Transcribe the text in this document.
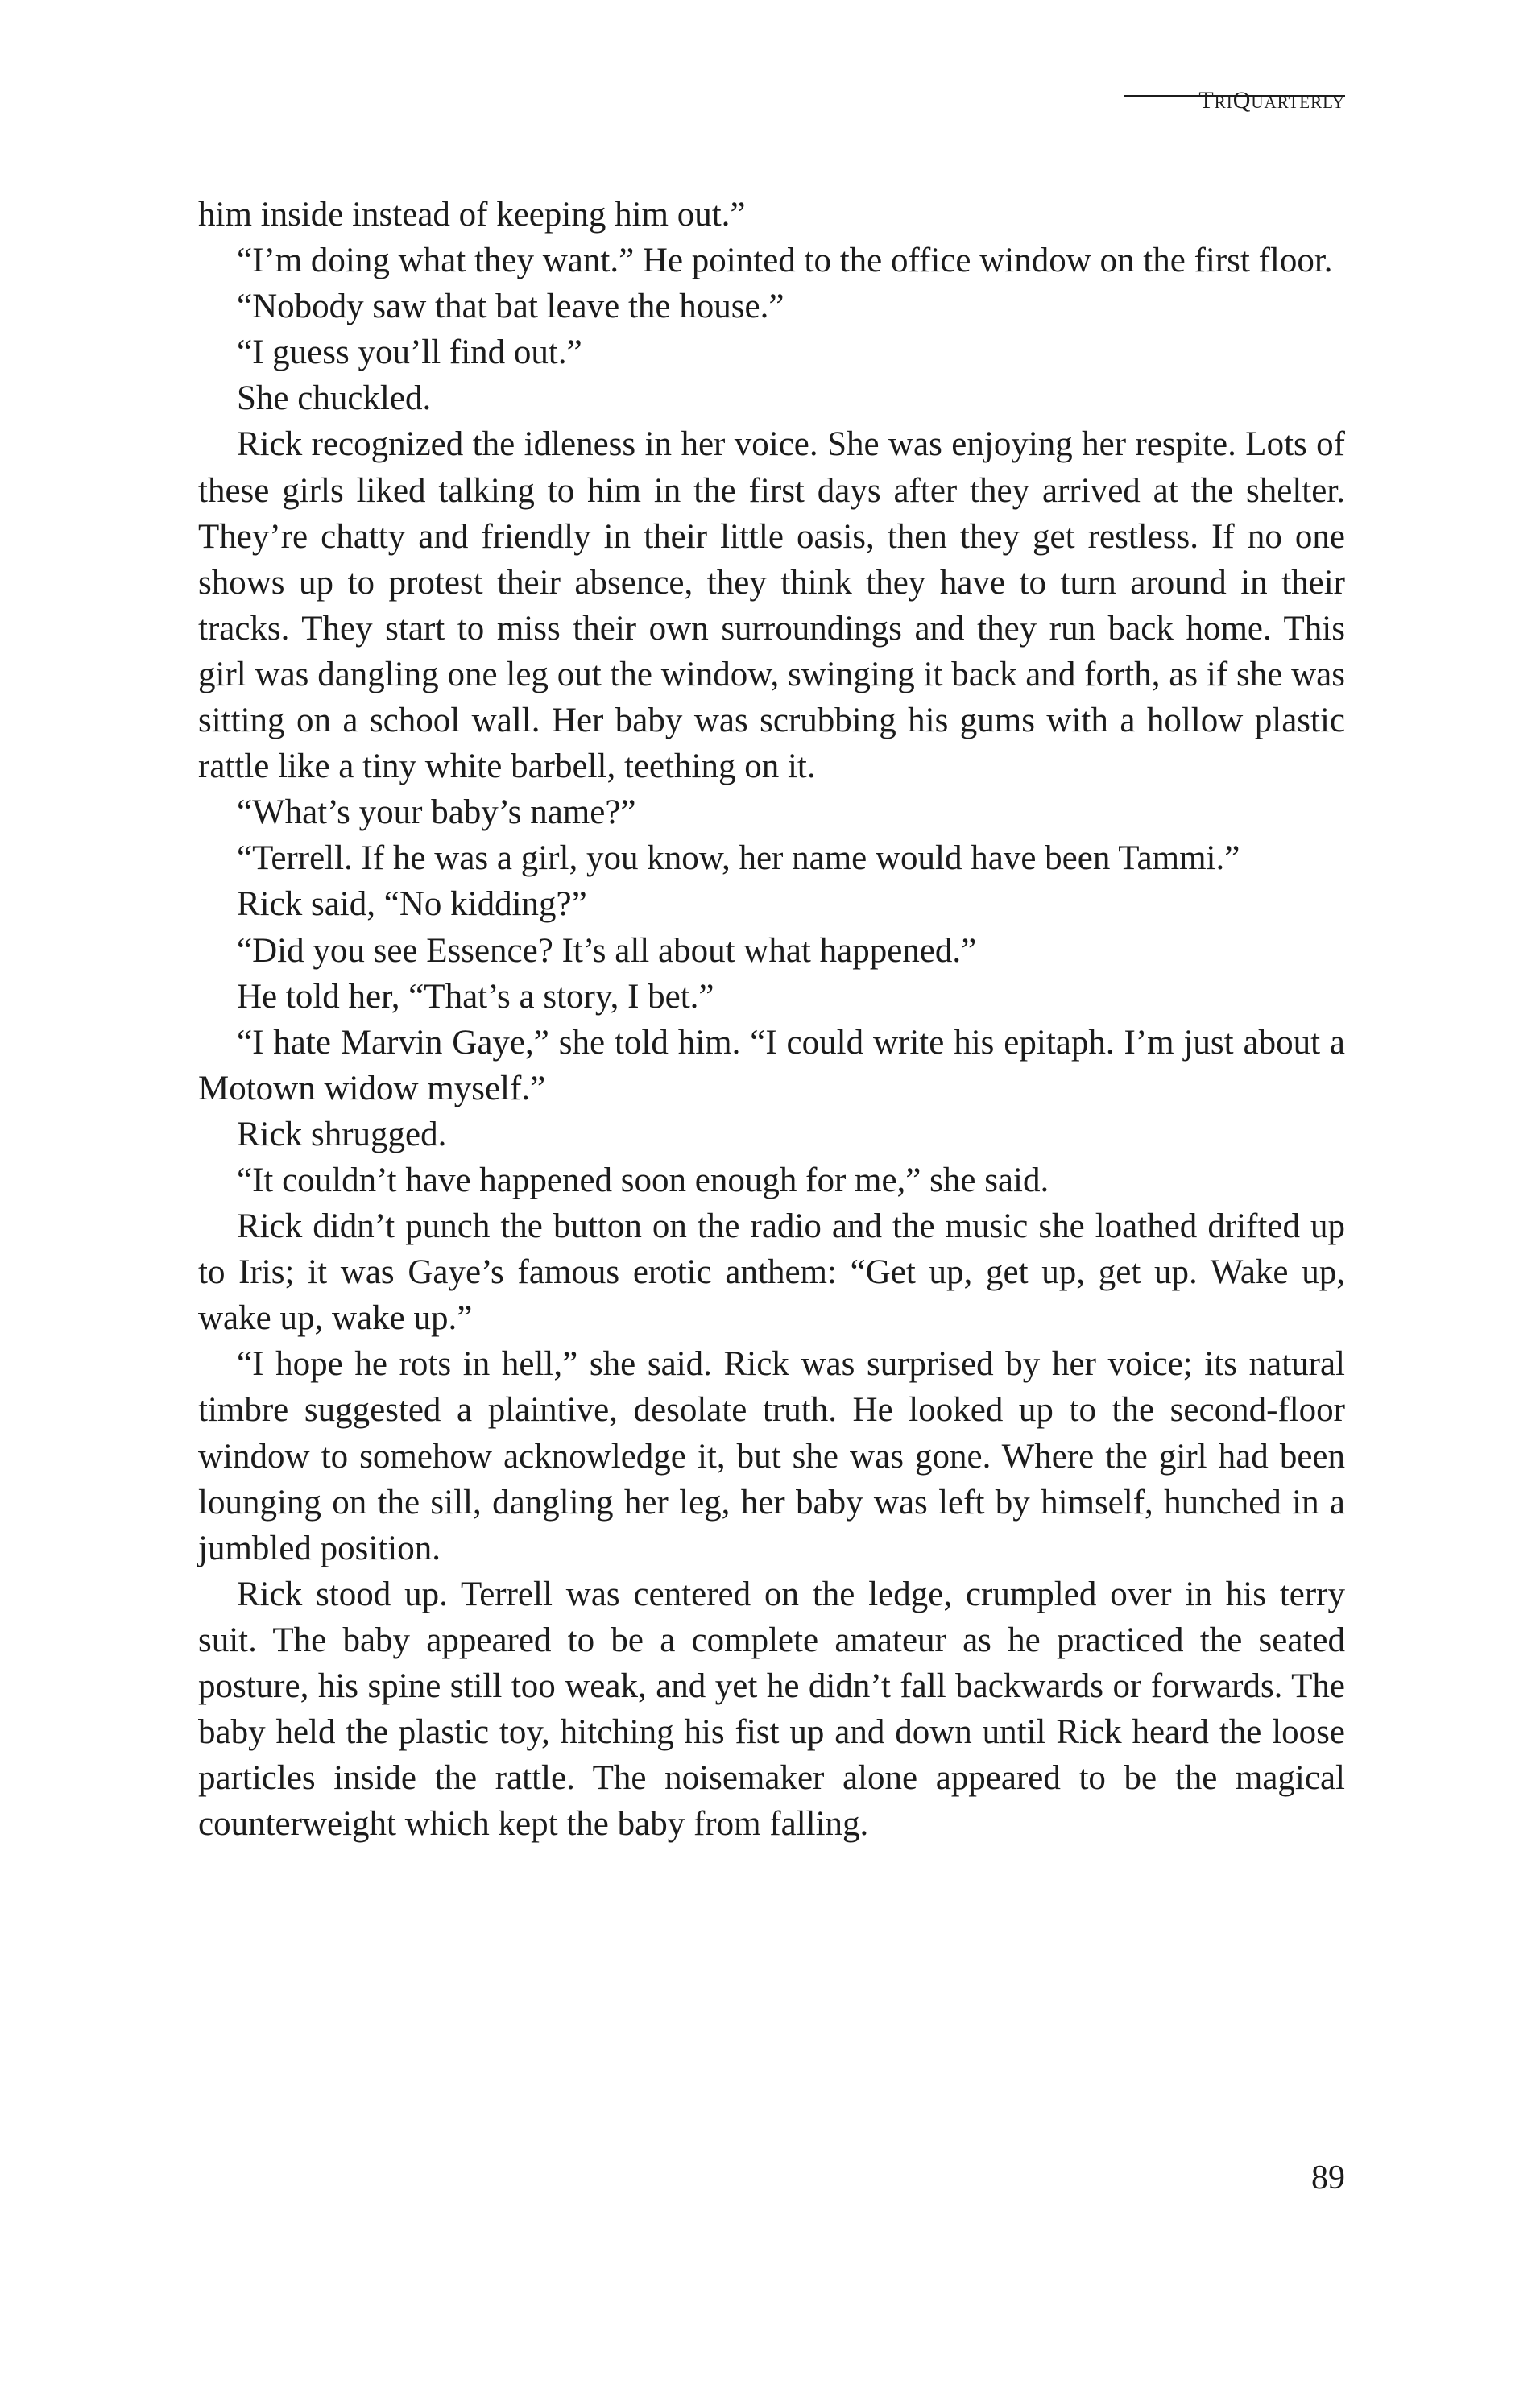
TriQuarterly

him inside instead of keeping him out.”

“I’m doing what they want.” He pointed to the office window on the first floor.

“Nobody saw that bat leave the house.”

“I guess you’ll find out.”

She chuckled.

Rick recognized the idleness in her voice. She was enjoying her respite. Lots of these girls liked talking to him in the first days after they arrived at the shelter. They’re chatty and friendly in their little oasis, then they get restless. If no one shows up to protest their absence, they think they have to turn around in their tracks. They start to miss their own surroundings and they run back home. This girl was dangling one leg out the window, swinging it back and forth, as if she was sitting on a school wall. Her baby was scrubbing his gums with a hollow plastic rattle like a tiny white barbell, teething on it.

“What’s your baby’s name?”

“Terrell. If he was a girl, you know, her name would have been Tammi.”

Rick said, “No kidding?”

“Did you see Essence? It’s all about what happened.”

He told her, “That’s a story, I bet.”

“I hate Marvin Gaye,” she told him. “I could write his epitaph. I’m just about a Motown widow myself.”

Rick shrugged.

“It couldn’t have happened soon enough for me,” she said.

Rick didn’t punch the button on the radio and the music she loathed drifted up to Iris; it was Gaye’s famous erotic anthem: “Get up, get up, get up. Wake up, wake up, wake up.”

“I hope he rots in hell,” she said. Rick was surprised by her voice; its natural timbre suggested a plaintive, desolate truth. He looked up to the second-floor window to somehow acknowledge it, but she was gone. Where the girl had been lounging on the sill, dangling her leg, her baby was left by himself, hunched in a jumbled position.

Rick stood up. Terrell was centered on the ledge, crumpled over in his terry suit. The baby appeared to be a complete amateur as he practiced the seated posture, his spine still too weak, and yet he didn’t fall backwards or forwards. The baby held the plastic toy, hitching his fist up and down until Rick heard the loose particles inside the rattle. The noisemaker alone appeared to be the magical counterweight which kept the baby from falling.

89
